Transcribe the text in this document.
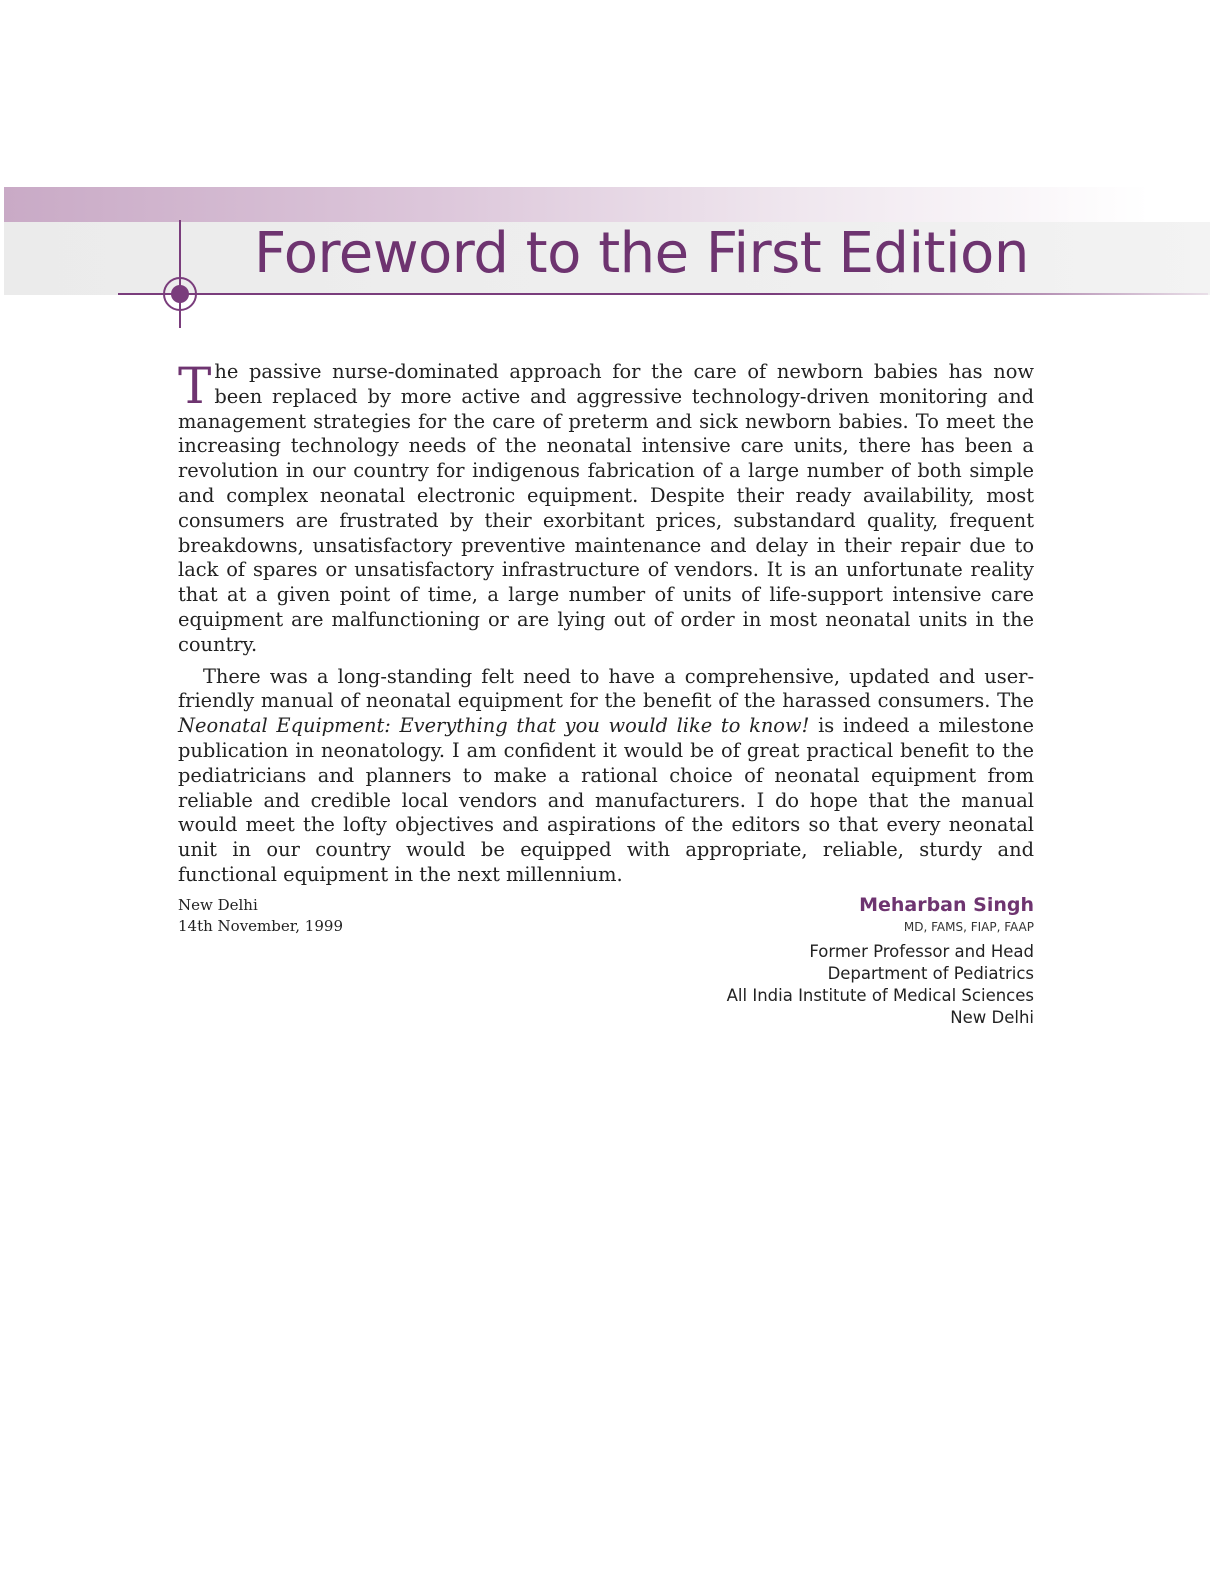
Foreword to the First Edition

The passive nurse-dominated approach for the care of newborn babies has now been replaced by more active and aggressive technology-driven monitoring and management strategies for the care of preterm and sick newborn babies. To meet the increasing technology needs of the neonatal intensive care units, there has been a revolution in our country for indigenous fabrication of a large number of both simple and complex neonatal electronic equipment. Despite their ready availability, most consumers are frustrated by their exorbitant prices, substandard quality, frequent breakdowns, unsatisfactory preventive maintenance and delay in their repair due to lack of spares or unsatisfactory infrastructure of vendors. It is an unfortunate reality that at a given point of time, a large number of units of life-support intensive care equipment are malfunctioning or are lying out of order in most neonatal units in the country.

There was a long-standing felt need to have a comprehensive, updated and user-friendly manual of neonatal equipment for the benefit of the harassed consumers. The Neonatal Equipment: Everything that you would like to know! is indeed a milestone publication in neonatology. I am confident it would be of great practical benefit to the pediatricians and planners to make a rational choice of neonatal equipment from reliable and credible local vendors and manufacturers. I do hope that the manual would meet the lofty objectives and aspirations of the editors so that every neonatal unit in our country would be equipped with appropriate, reliable, sturdy and functional equipment in the next millennium.

New Delhi
14th November, 1999
Meharban Singh
MD, FAMS, FIAP, FAAP
Former Professor and Head
Department of Pediatrics
All India Institute of Medical Sciences
New Delhi
